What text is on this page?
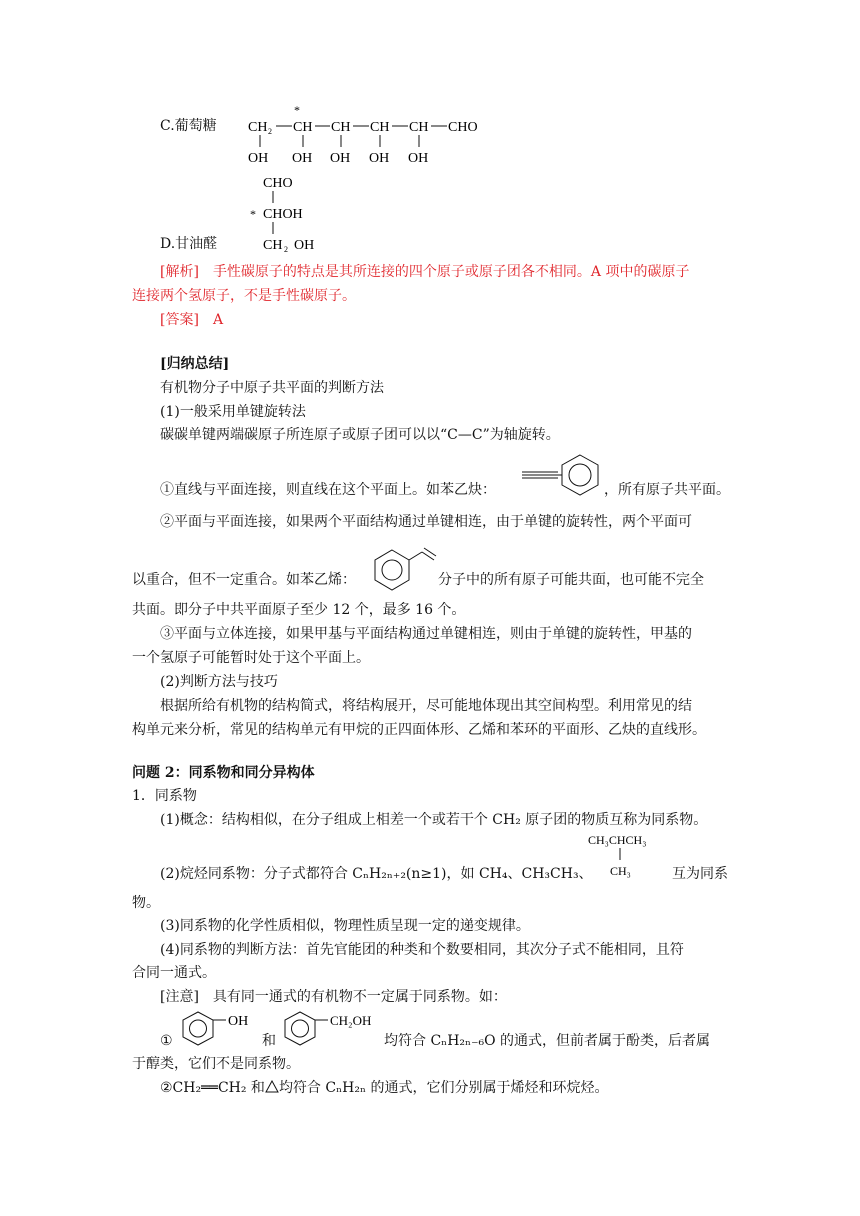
C.葡萄糖
*
CH 2 CH CH CH CH CHO
OH OH OH OH OH
CHO
* CHOH
CH 2 OH
D.甘油醛
[解析]　 手性碳原子的特点是其所连接的四个原子或原子团各不相同。A 项中的碳原子
连接两个氢原子，不是手性碳原子。
[答案]　 A
[归纳总结]
有机物分子中原子共平面的判断方法
(1)一般采用单键旋转法
碳碳单键两端碳原子所连原子或原子团可以以“C—C”为轴旋转。
①直线与平面连接，则直线在这个平面上。如苯乙炔：	，所有原子共平面。
②平面与平面连接，如果两个平面结构通过单键相连，由于单键的旋转性，两个平面可
以重合，但不一定重合。如苯乙烯：	分子中的所有原子可能共面，也可能不完全
共面。即分子中共平面原子至少 12 个，最多 16 个。
③平面与立体连接，如果甲基与平面结构通过单键相连，则由于单键的旋转性，甲基的
一个氢原子可能暂时处于这个平面上。
(2)判断方法与技巧
根据所给有机物的结构简式，将结构展开，尽可能地体现出其空间构型。利用常见的结
构单元来分析，常见的结构单元有甲烷的正四面体形、乙烯和苯环的平面形、乙炔的直线形。
问题 2：同系物和同分异构体
1．同系物
(1)概念：结构相似，在分子组成上相差一个或若干个 CH₂ 原子团的物质互称为同系物。
CH₃CHCH₃
CH₃
(2)烷烃同系物：分子式都符合 CₙH₂ₙ₊₂(n≥1)，如 CH₄、CH₃CH₃、	互为同系
物。
(3)同系物的化学性质相似，物理性质呈现一定的递变规律。
(4)同系物的判断方法：首先官能团的种类和个数要相同，其次分子式不能相同，且符
合同一通式。
[注意]　具有同一通式的有机物不一定属于同系物。如：
①
OH
和
CH₂OH
均符合 CₙH₂ₙ₋₆O 的通式，但前者属于酚类，后者属
于醇类，它们不是同系物。
②CH₂══CH₂ 和 均符合 CₙH₂ₙ 的通式，它们分别属于烯烃和环烷烃。
